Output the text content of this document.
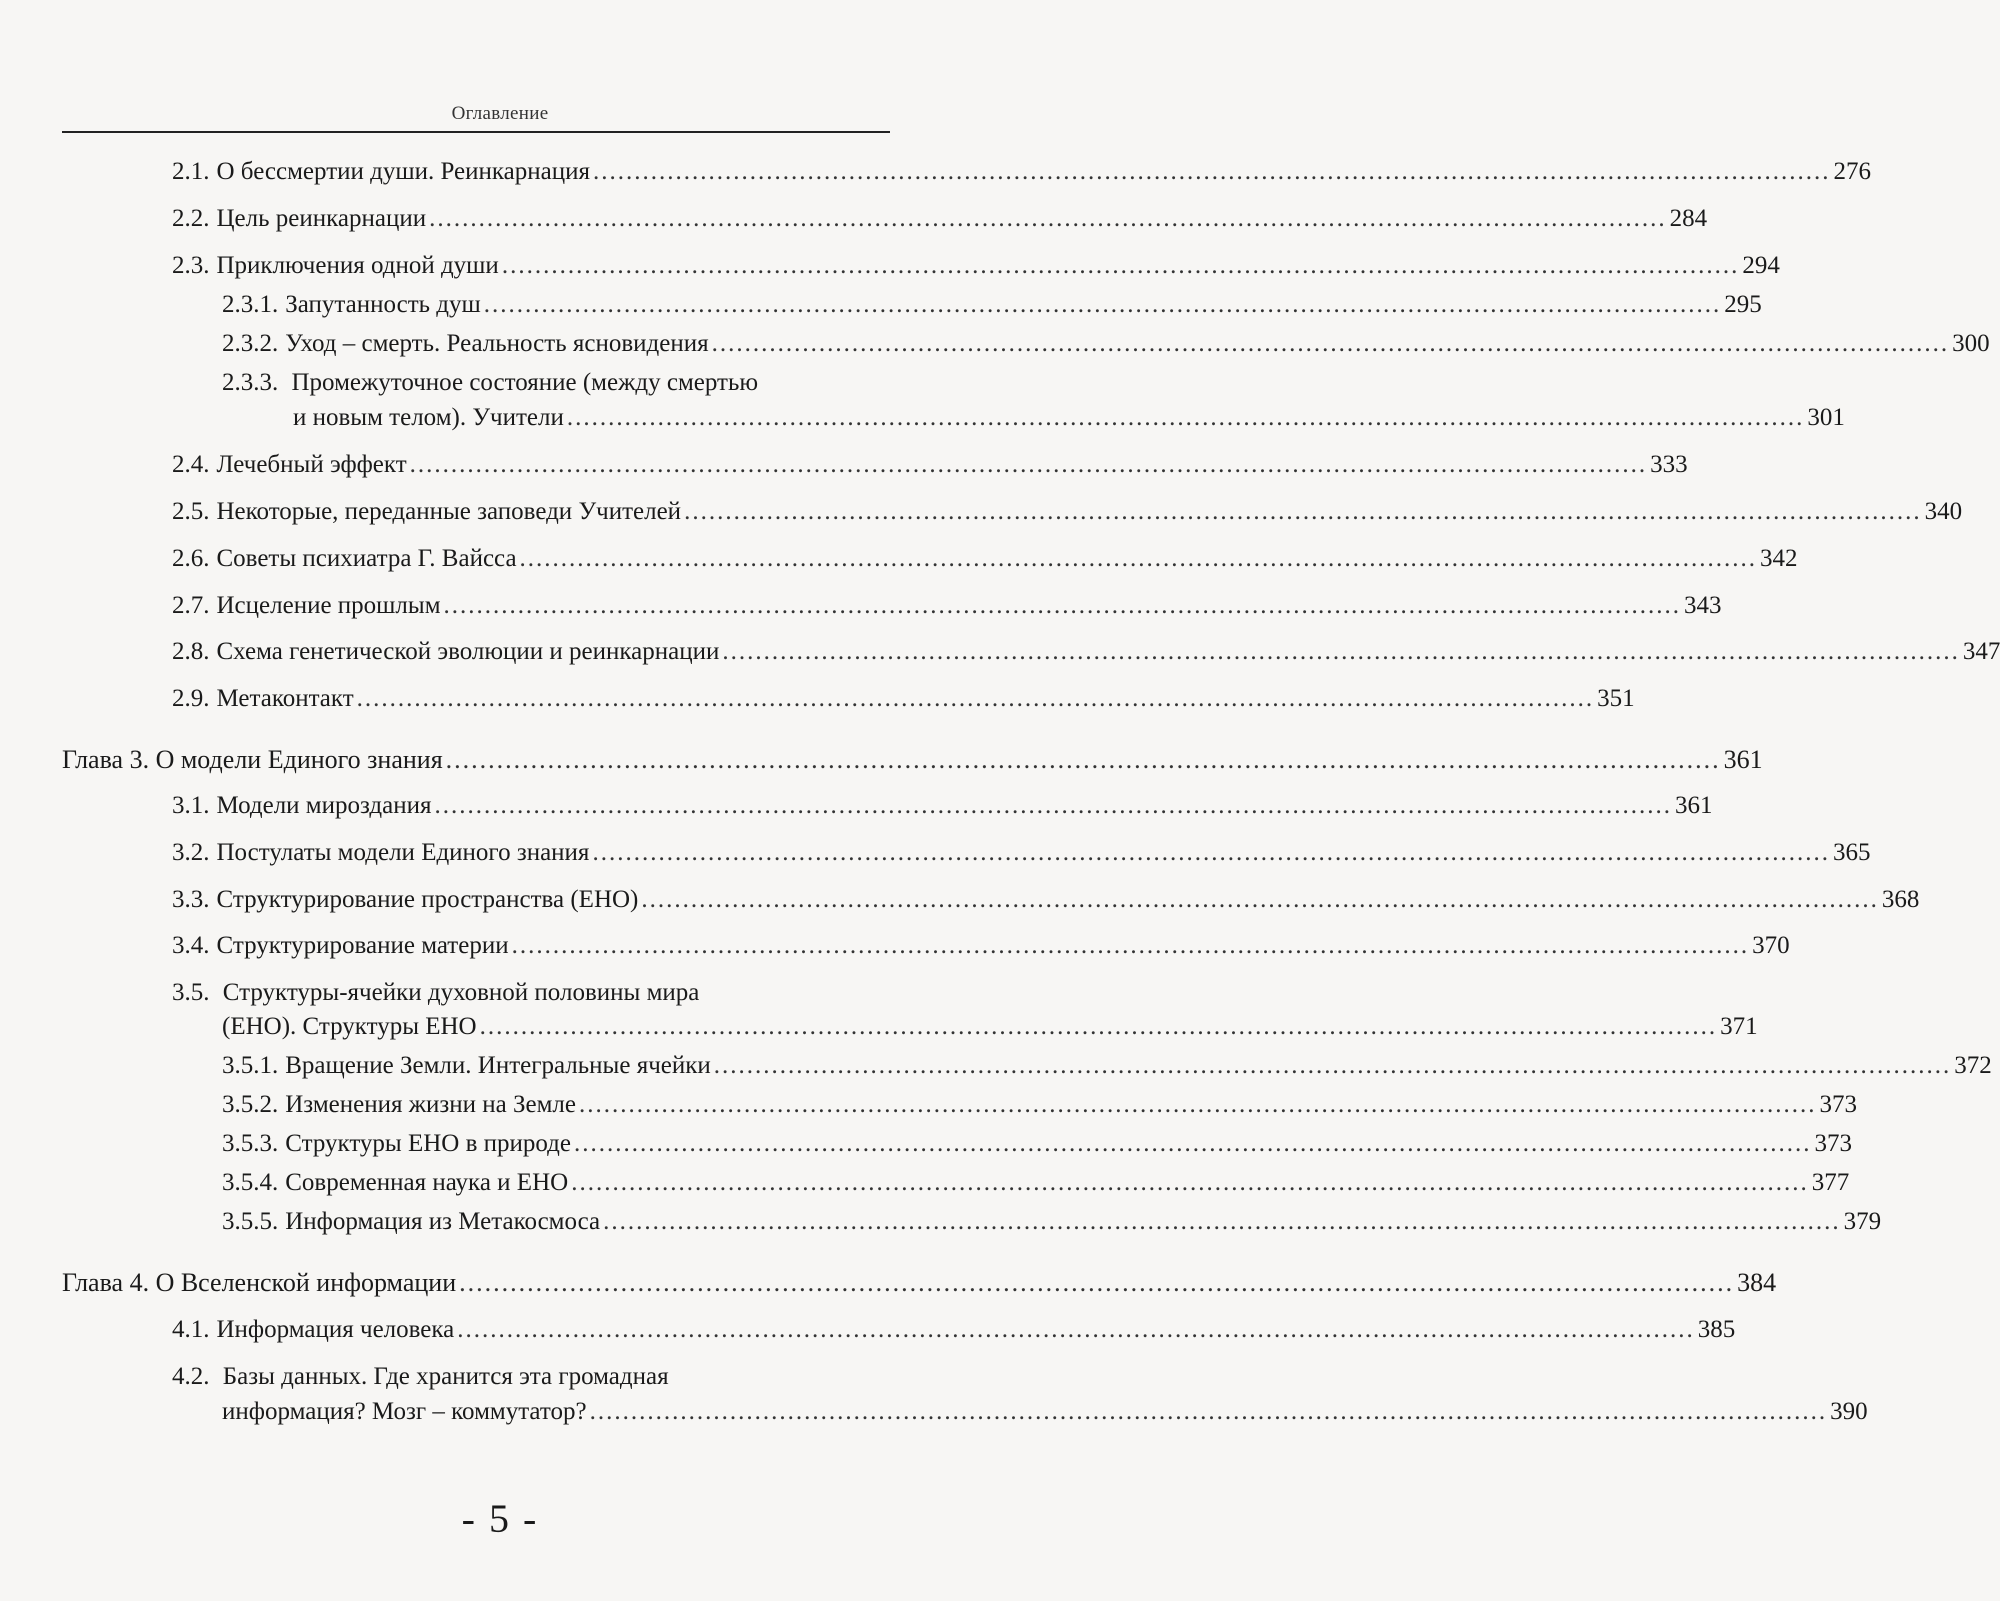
Оглавление
2.1. О бессмертии души. Реинкарнация .....	276
2.2. Цель реинкарнации .....	284
2.3. Приключения одной души .....	294
2.3.1. Запутанность душ .....	295
2.3.2. Уход – смерть. Реальность ясновидения .....	300
2.3.3. Промежуточное состояние (между смертью
и новым телом). Учители .....	301
2.4. Лечебный эффект .....	333
2.5. Некоторые, переданные заповеди Учителей .....	340
2.6. Советы психиатра Г. Вайсса .....	342
2.7. Исцеление прошлым .....	343
2.8. Схема генетической эволюции и реинкарнации .....	347
2.9. Метаконтакт .....	351
Глава 3. О модели Единого знания .....	361
3.1. Модели мироздания .....	361
3.2. Постулаты модели Единого знания .....	365
3.3. Структурирование пространства (ЕНО) .....	368
3.4. Структурирование материи .....	370
3.5. Структуры-ячейки духовной половины мира
(ЕНО). Структуры ЕНО .....	371
3.5.1. Вращение Земли. Интегральные ячейки .....	372
3.5.2. Изменения жизни на Земле .....	373
3.5.3. Структуры ЕНО в природе .....	373
3.5.4. Современная наука и ЕНО .....	377
3.5.5. Информация из Метакосмоса .....	379
Глава 4. О Вселенской информации .....	384
4.1. Информация человека .....	385
4.2. Базы данных. Где хранится эта громадная
информация? Мозг – коммутатор? .....	390
- 5 -
